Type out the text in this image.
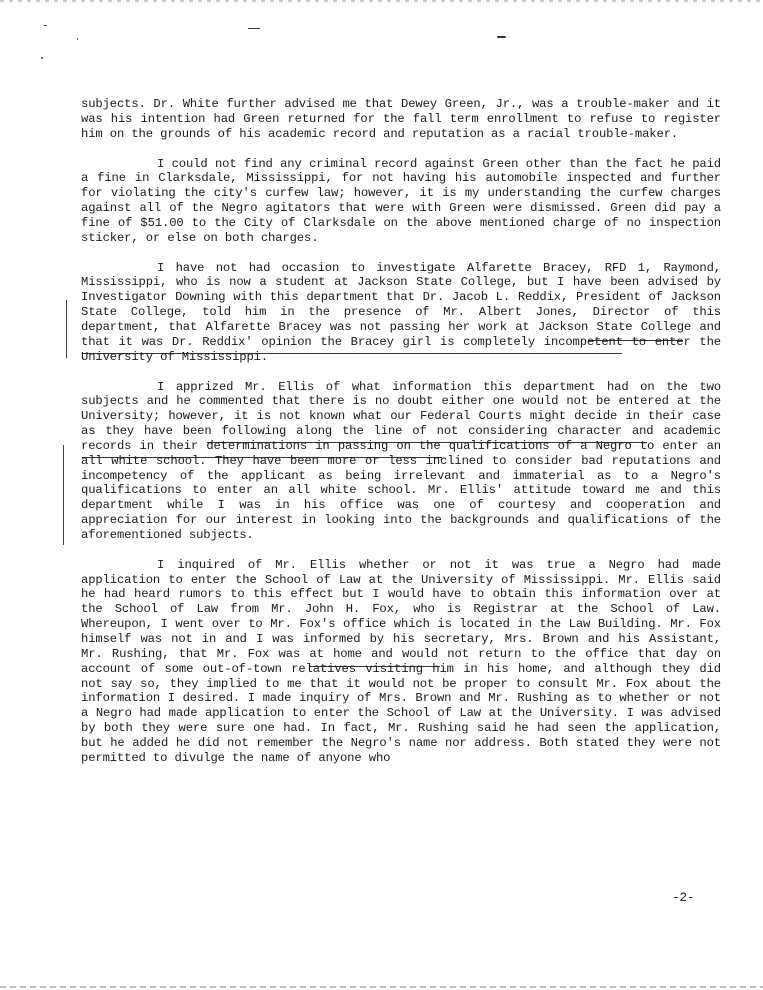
subjects. Dr. White further advised me that Dewey Green, Jr., was a trouble-maker and it was his intention had Green returned for the fall term enrollment to refuse to register him on the grounds of his academic record and reputation as a racial trouble-maker.

I could not find any criminal record against Green other than the fact he paid a fine in Clarksdale, Mississippi, for not having his automobile inspected and further for violating the city's curfew law; however, it is my understanding the curfew charges against all of the Negro agitators that were with Green were dismissed. Green did pay a fine of $51.00 to the City of Clarksdale on the above mentioned charge of no inspection sticker, or else on both charges.

I have not had occasion to investigate Alfarette Bracey, RFD 1, Raymond, Mississippi, who is now a student at Jackson State College, but I have been advised by Investigator Downing with this department that Dr. Jacob L. Reddix, President of Jackson State College, told him in the presence of Mr. Albert Jones, Director of this department, that Alfarette Bracey was not passing her work at Jackson State College and that it was Dr. Reddix' opinion the Bracey girl is completely incompetent to enter the University of Mississippi.

I apprized Mr. Ellis of what information this department had on the two subjects and he commented that there is no doubt either one would not be entered at the University; however, it is not known what our Federal Courts might decide in their case as they have been following along the line of not considering character and academic records in their determinations in passing on the qualifications of a Negro to enter an all white school. They have been more or less inclined to consider bad reputations and incompetency of the applicant as being irrelevant and immaterial as to a Negro's qualifications to enter an all white school. Mr. Ellis' attitude toward me and this department while I was in his office was one of courtesy and cooperation and appreciation for our interest in looking into the backgrounds and qualifications of the aforementioned subjects.

I inquired of Mr. Ellis whether or not it was true a Negro had made application to enter the School of Law at the University of Mississippi. Mr. Ellis said he had heard rumors to this effect but I would have to obtain this information over at the School of Law from Mr. John H. Fox, who is Registrar at the School of Law. Whereupon, I went over to Mr. Fox's office which is located in the Law Building. Mr. Fox himself was not in and I was informed by his secretary, Mrs. Brown and his Assistant, Mr. Rushing, that Mr. Fox was at home and would not return to the office that day on account of some out-of-town relatives visiting him in his home, and although they did not say so, they implied to me that it would not be proper to consult Mr. Fox about the information I desired. I made inquiry of Mrs. Brown and Mr. Rushing as to whether or not a Negro had made application to enter the School of Law at the University. I was advised by both they were sure one had. In fact, Mr. Rushing said he had seen the application, but he added he did not remember the Negro's name nor address. Both stated they were not permitted to divulge the name of anyone who

-2-
